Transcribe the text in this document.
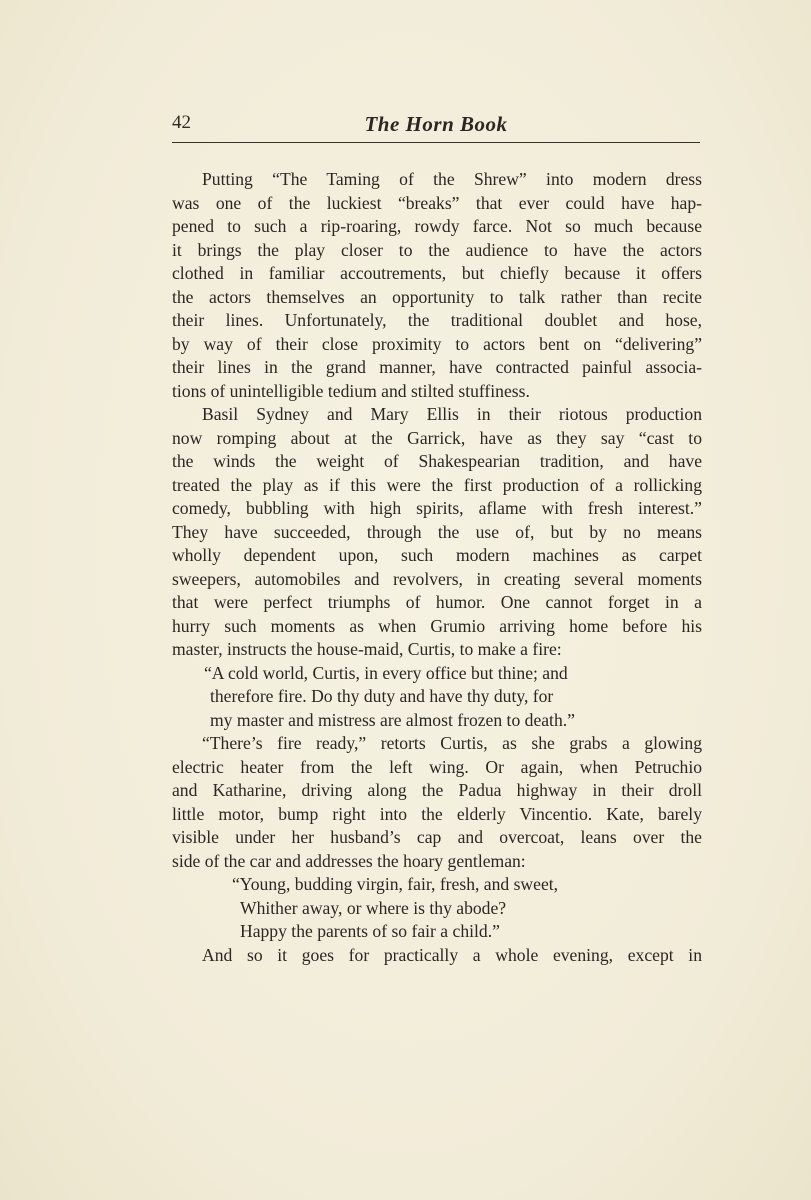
42	The Horn Book
Putting “The Taming of the Shrew” into modern dress
was one of the luckiest “breaks” that ever could have hap-
pened to such a rip-roaring, rowdy farce. Not so much because
it brings the play closer to the audience to have the actors
clothed in familiar accoutrements, but chiefly because it offers
the actors themselves an opportunity to talk rather than recite
their lines. Unfortunately, the traditional doublet and hose,
by way of their close proximity to actors bent on “delivering”
their lines in the grand manner, have contracted painful associa-
tions of unintelligible tedium and stilted stuffiness.
Basil Sydney and Mary Ellis in their riotous production
now romping about at the Garrick, have as they say “cast to
the winds the weight of Shakespearian tradition, and have
treated the play as if this were the first production of a rollicking
comedy, bubbling with high spirits, aflame with fresh interest.”
They have succeeded, through the use of, but by no means
wholly dependent upon, such modern machines as carpet
sweepers, automobiles and revolvers, in creating several moments
that were perfect triumphs of humor. One cannot forget in a
hurry such moments as when Grumio arriving home before his
master, instructs the house-maid, Curtis, to make a fire:
“A cold world, Curtis, in every office but thine; and
therefore fire. Do thy duty and have thy duty, for
my master and mistress are almost frozen to death.”
“There’s fire ready,” retorts Curtis, as she grabs a glowing
electric heater from the left wing. Or again, when Petruchio
and Katharine, driving along the Padua highway in their droll
little motor, bump right into the elderly Vincentio. Kate, barely
visible under her husband’s cap and overcoat, leans over the
side of the car and addresses the hoary gentleman:
“Young, budding virgin, fair, fresh, and sweet,
Whither away, or where is thy abode?
Happy the parents of so fair a child.”
And so it goes for practically a whole evening, except in
